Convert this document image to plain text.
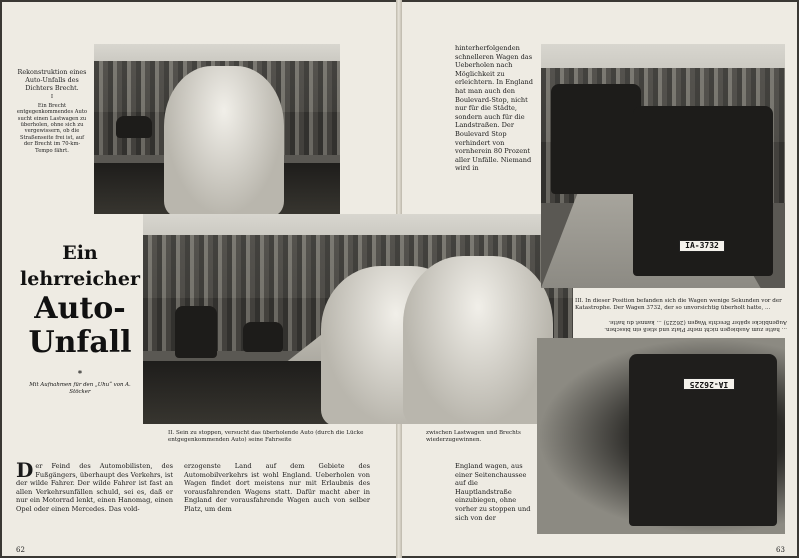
Rekonstruktion eines Auto-Unfalls des Dichters Brecht.
I
Ein Brecht entgegenkommendes Auto sucht einen Lastwagen zu überholen, ohne sich zu vergewissern, ob die Straßenseite frei ist, auf der Brecht im 70-km-Tempo fährt.
II. Sein zu stoppen, versucht das überholende Auto (durch die Lücke entgegenkommenden Auto) seine Fahrseite
zwischen Lastwagen und Brechts wiederzugewinnen.
Ein
lehrreicher
Auto-
Unfall
*
Mit Aufnahmen für den „Uhu“ von A. Stöcker
Der Feind des Automobilisten, des Fußgängers, überhaupt des Verkehrs, ist der wilde Fahrer. Der wilde Fahrer ist fast an allen Verkehrsunfällen schuld, sei es, daß er nur ein Motorrad lenkt, einen Hanomag, einen Opel oder einen Mercedes. Das vold-
erzogenste Land auf dem Gebiete des Automobilverkehrs ist wohl England. Ueberholen von Wagen findet dort meistens nur mit Erlaubnis des vorausfahrenden Wagens statt. Dafür macht aber in England der vorausfahrende Wagen auch von selber Platz, um dem
hinterherfolgenden schnelleren Wagen das Ueberholen nach Möglichkeit zu erleichtern. In England hat man auch den Boulevard-Stop, nicht nur für die Städte, sondern auch für die Landstraßen. Der Boulevard Stop verhindert von vornherein 80 Prozent aller Unfälle. Niemand wird in
IA-3732
III. In dieser Position befanden sich die Wagen wenige Sekunden vor der Katastrophe. Der Wagen 3732, der so unvorsichtig überholt hatte, ...
... hatte zum Ausbiegen nicht mehr Platz und stieß ein bisschen. Augenblicke später Brechts Wagen (26225) ... kannst du hatte.
IA-26225
England wagen, aus einer Seitenchaussee auf die Hauptlandstraße einzubiegen, ohne vorher zu stoppen und sich von der
62	63
